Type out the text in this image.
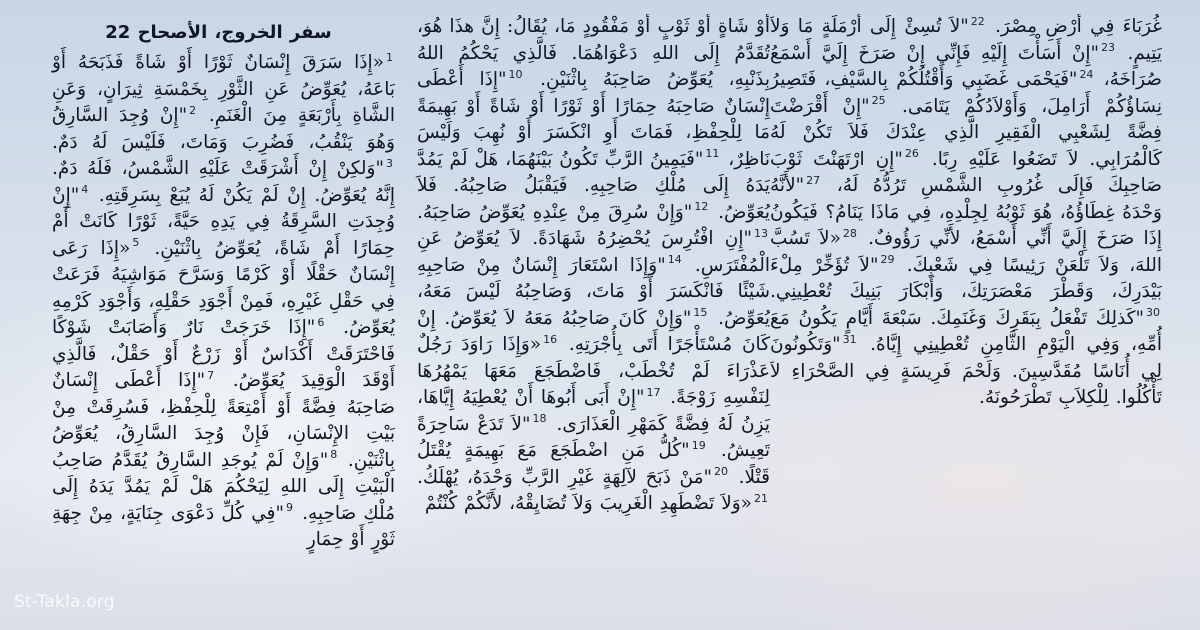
سفر الخروج، الأصحاح 22
$^1$«إِذَا سَرَقَ إِنْسَانٌ ثَوْرًا أَوْ شَاةً فَذَبَحَهُ أَوْ بَاعَهُ، يُعَوِّضُ عَنِ الثَّوْرِ بِخَمْسَةِ ثِيرَانٍ، وَعَنِ الشَّاةِ بِأَرْبَعَةٍ مِنَ الْغَنَمِ. $^2$"إِنْ وُجِدَ السَّارِقُ وَهُوَ يَنْقُبُ، فَضُرِبَ وَمَاتَ، فَلَيْسَ لَهُ دَمٌ. $^3$"وَلكِنْ إِنْ أَشْرَقَتْ عَلَيْهِ الشَّمْسُ، فَلَهُ دَمٌ. إِنَّهُ يُعَوِّضُ. إِنْ لَمْ يَكُنْ لَهُ يُبَعْ بِسَرِقَتِهِ. $^4$"إِنْ وُجِدَتِ السَّرِقَةُ فِي يَدِهِ حَيَّةً، ثَوْرًا كَانَتْ أَمْ حِمَارًا أَمْ شَاةً، يُعَوِّضُ بِاثْنَيْنِ. $^5$«إِذَا رَعَى إِنْسَانٌ حَقْلًا أَوْ كَرْمًا وَسَرَّحَ مَوَاشِيَهُ فَرَعَتْ فِي حَقْلِ غَيْرِهِ، فَمِنْ أَجْوَدِ حَقْلِهِ، وَأَجْوَدِ كَرْمِهِ يُعَوِّضُ. $^6$"إِذَا خَرَجَتْ نَارٌ وَأَصَابَتْ شَوْكًا فَاحْتَرَقَتْ أَكْدَاسٌ أَوْ زَرْعٌ أَوْ حَقْلٌ، فَالَّذِي أَوْقَدَ الْوَقِيدَ يُعَوِّضُ. $^7$"إِذَا أَعْطَى إِنْسَانٌ صَاحِبَهُ فِضَّةً أَوْ أَمْتِعَةً لِلْحِفْظِ، فَسُرِقَتْ مِنْ بَيْتِ الإِنْسَانِ، فَإِنْ وُجِدَ السَّارِقُ، يُعَوِّضُ بِاثْنَيْنِ. $^8$"وَإِنْ لَمْ يُوجَدِ السَّارِقُ يُقَدَّمُ صَاحِبُ الْبَيْتِ إِلَى اللهِ لِيَحْكُمَ هَلْ لَمْ يَمُدَّ يَدَهُ إِلَى مُلْكِ صَاحِبِهِ. $^9$"فِي كُلِّ دَعْوَى جِنَايَةٍ، مِنْ جِهَةِ ثَوْرٍ أَوْ حِمَارٍ
أَوْ شَاةٍ أَوْ ثَوْبٍ أَوْ مَفْقُودٍ مَا، يُقَالُ: إِنَّ هذَا هُوَ، تُقَدَّمُ إِلَى اللهِ دَعْوَاهُمَا. فَالَّذِي يَحْكُمُ اللهُ بِذَنْبِهِ، يُعَوِّضُ صَاحِبَهُ بِاثْنَيْنِ. $^{10}$"إِذَا أَعْطَى إِنْسَانٌ صَاحِبَهُ حِمَارًا أَوْ ثَوْرًا أَوْ شَاةً أَوْ بَهِيمَةً مَا لِلْحِفْظِ، فَمَاتَ أَوِ انْكَسَرَ أَوْ نُهِبَ وَلَيْسَ نَاظِرٌ، $^{11}$"فَيَمِينُ الرَّبِّ تَكُونُ بَيْنَهُمَا، هَلْ لَمْ يَمُدَّ يَدَهُ إِلَى مُلْكِ صَاحِبِهِ. فَيَقْبَلُ صَاحِبُهُ. فَلاَ يُعَوِّضُ. $^{12}$"وَإِنْ سُرِقَ مِنْ عِنْدِهِ يُعَوِّضُ صَاحِبَهُ. $^{13}$"إِنِ افْتُرِسَ يُحْضِرُهُ شَهَادَةً. لاَ يُعَوِّضُ عَنِ الْمُفْتَرَسِ. $^{14}$"وَإِذَا اسْتَعَارَ إِنْسَانٌ مِنْ صَاحِبِهِ شَيْئًا فَانْكَسَرَ أَوْ مَاتَ، وَصَاحِبُهُ لَيْسَ مَعَهُ، يُعَوِّضُ. $^{15}$"وَإِنْ كَانَ صَاحِبُهُ مَعَهُ لاَ يُعَوِّضُ. إِنْ كَانَ مُسْتَأْجَرًا أَتَى بِأُجْرَتِهِ. $^{16}$«وَإِذَا رَاوَدَ رَجُلٌ عَذْرَاءَ لَمْ تُخْطَبْ، فَاضْطَجَعَ مَعَهَا يَمْهُرُهَا لِنَفْسِهِ زَوْجَةً. $^{17}$"إِنْ أَبَى أَبُوهَا أَنْ يُعْطِيَهُ إِيَّاهَا، يَزِنُ لَهُ فِضَّةً كَمَهْرِ الْعَذَارَى. $^{18}$"لاَ تَدَعْ سَاحِرَةً تَعِيشُ. $^{19}$"كُلُّ مَنِ اضْطَجَعَ مَعَ بَهِيمَةٍ يُقْتَلُ قَتْلًا. $^{20}$"مَنْ ذَبَحَ لآلِهَةٍ غَيْرِ الرَّبِّ وَحْدَهُ، يُهْلَكُ. $^{21}$«وَلاَ تَضْطَهِدِ الْغَرِيبَ وَلاَ تُضَايِقْهُ، لأَنَّكُمْ كُنْتُمْ
غُرَبَاءَ فِي أَرْضِ مِصْرَ. $^{22}$"لاَ تُسِئْ إِلَى أَرْمَلَةٍ مَا وَلاَ يَتِيمٍ. $^{23}$"إِنْ أَسَأْتَ إِلَيْهِ فَإِنِّي إِنْ صَرَخَ إِلَيَّ أَسْمَعُ صُرَاخَهُ، $^{24}$"فَيَحْمَى غَضَبِي وَأَقْتُلُكُمْ بِالسَّيْفِ، فَتَصِيرُ نِسَاؤُكُمْ أَرَامِلَ، وَأَوْلاَدُكُمْ يَتَامَى. $^{25}$"إِنْ أَقْرَضْتَ فِضَّةً لِشَعْبِي الْفَقِيرِ الَّذِي عِنْدَكَ فَلاَ تَكُنْ لَهُ كَالْمُرَابِي. لاَ تَضَعُوا عَلَيْهِ رِبًا. $^{26}$"إِنِ ارْتَهَنْتَ ثَوْبَ صَاحِبِكَ فَإِلَى غُرُوبِ الشَّمْسِ تَرُدُّهُ لَهُ، $^{27}$"لأَنَّهُ وَحْدَهُ غِطَاؤُهُ، هُوَ ثَوْبُهُ لِجِلْدِهِ، فِي مَاذَا يَنَامُ؟ فَيَكُونُ إِذَا صَرَخَ إِلَيَّ أَنِّي أَسْمَعُ، لأَنِّي رَؤُوفٌ. $^{28}$«لاَ تَسُبَّ اللهَ، وَلاَ تَلْعَنْ رَئِيسًا فِي شَعْبِكَ. $^{29}$"لاَ تُؤَخِّرْ مِلْءَ بَيْدَرِكَ، وَقَطْرَ مَعْصَرَتِكَ، وَأَبْكَارَ بَنِيكَ تُعْطِينِي. $^{30}$"كَذلِكَ تَفْعَلُ بِبَقَرِكَ وَغَنَمِكَ. سَبْعَةَ أَيَّامٍ يَكُونُ مَعَ أُمِّهِ، وَفِي الْيَوْمِ الثَّامِنِ تُعْطِينِي إِيَّاهُ. $^{31}$"وَتَكُونُونَ لِي أُنَاسًا مُقَدَّسِينَ. وَلَحْمَ فَرِيسَةٍ فِي الصَّحْرَاءِ لاَ تَأْكُلُوا. لِلْكِلاَبِ تَطْرَحُونَهُ.
St-Takla.org
